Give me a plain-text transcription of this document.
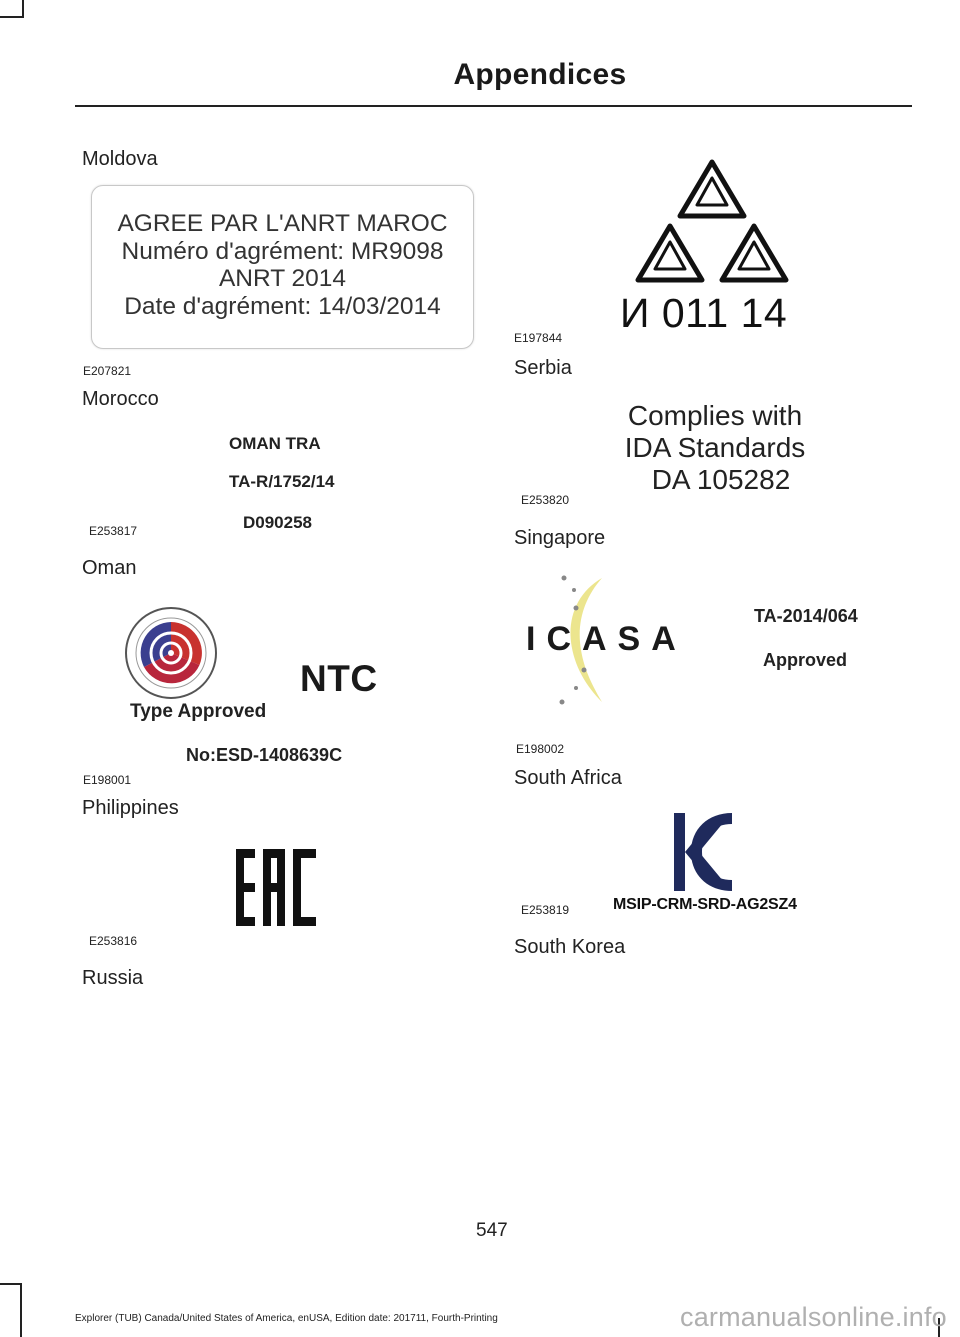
Appendices
Moldova
AGREE PAR L'ANRT MAROC
Numéro d'agrément: MR9098
ANRT 2014
Date d'agrément: 14/03/2014
E207821
Morocco
OMAN TRA
TA-R/1752/14
D090258
E253817
Oman
NTC
Type Approved
No:ESD-1408639C
E198001
Philippines
E253816
Russia
И 011 14
E197844
Serbia
Complies with
IDA Standards
DA 105282
E253820
Singapore
ICASA
TA-2014/064
Approved
E198002
South Africa
MSIP-CRM-SRD-AG2SZ4
E253819
South Korea
547
Explorer (TUB) Canada/United States of America, enUSA, Edition date: 201711, Fourth-Printing	carmanualsonline.info
